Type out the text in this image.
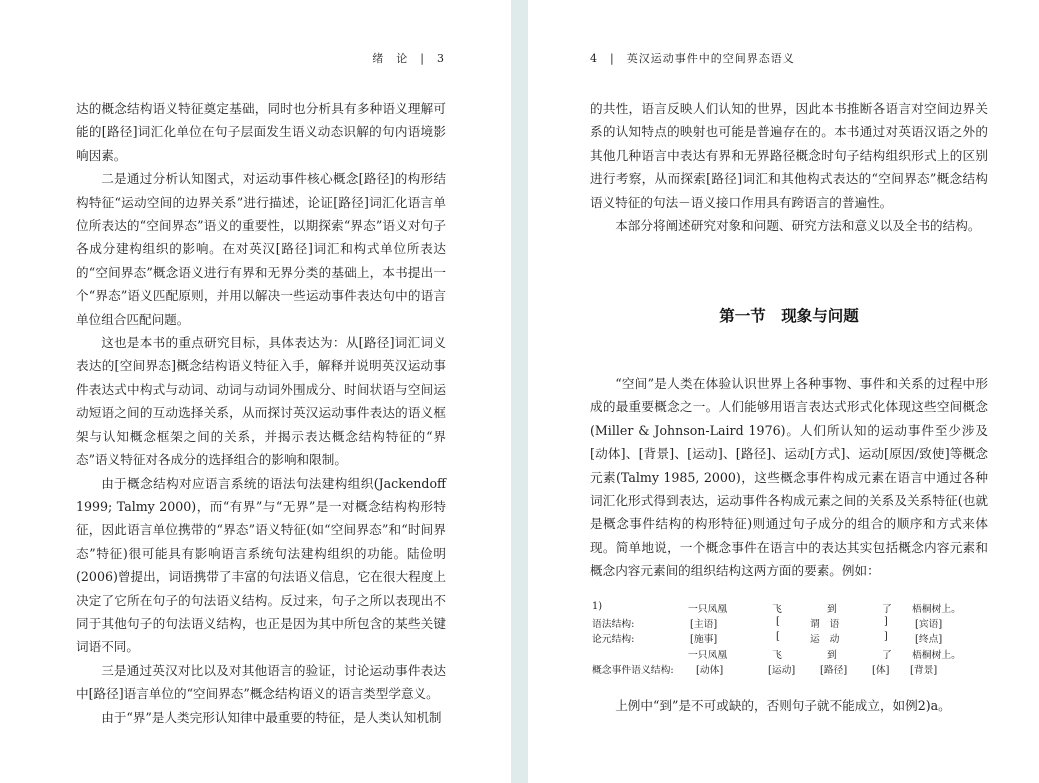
绪　论　|　3

达的概念结构语义特征奠定基础，同时也分析具有多种语义理解可能的[路径]词汇化单位在句子层面发生语义动态识解的句内语境影响因素。

二是通过分析认知图式，对运动事件核心概念[路径]的构形结构特征“运动空间的边界关系”进行描述，论证[路径]词汇化语言单位所表达的“空间界态”语义的重要性，以期探索“界态”语义对句子各成分建构组织的影响。在对英汉[路径]词汇和构式单位所表达的“空间界态”概念语义进行有界和无界分类的基础上，本书提出一个“界态”语义匹配原则，并用以解决一些运动事件表达句中的语言单位组合匹配问题。

这也是本书的重点研究目标，具体表达为：从[路径]词汇词义表达的[空间界态]概念结构语义特征入手，解释并说明英汉运动事件表达式中构式与动词、动词与动词外围成分、时间状语与空间运动短语之间的互动选择关系，从而探讨英汉运动事件表达的语义框架与认知概念框架之间的关系，并揭示表达概念结构特征的“界态”语义特征对各成分的选择组合的影响和限制。

由于概念结构对应语言系统的语法句法建构组织(Jackendoff 1999; Talmy 2000)，而“有界”与“无界”是一对概念结构构形特征，因此语言单位携带的“界态”语义特征(如“空间界态”和“时间界态”特征)很可能具有影响语言系统句法建构组织的功能。陆俭明(2006)曾提出，词语携带了丰富的句法语义信息，它在很大程度上决定了它所在句子的句法语义结构。反过来，句子之所以表现出不同于其他句子的句法语义结构，也正是因为其中所包含的某些关键词语不同。

三是通过英汉对比以及对其他语言的验证，讨论运动事件表达中[路径]语言单位的“空间界态”概念结构语义的语言类型学意义。

由于“界”是人类完形认知律中最重要的特征，是人类认知机制

4　|　英汉运动事件中的空间界态语义

的共性，语言反映人们认知的世界，因此本书推断各语言对空间边界关系的认知特点的映射也可能是普遍存在的。本书通过对英语汉语之外的其他几种语言中表达有界和无界路径概念时句子结构组织形式上的区别进行考察，从而探索[路径]词汇和其他构式表达的“空间界态”概念结构语义特征的句法－语义接口作用具有跨语言的普遍性。

本部分将阐述研究对象和问题、研究方法和意义以及全书的结构。

第一节　现象与问题

“空间”是人类在体验认识世界上各种事物、事件和关系的过程中形成的最重要概念之一。人们能够用语言表达式形式化体现这些空间概念(Miller & Johnson-Laird 1976)。人们所认知的运动事件至少涉及[动体]、[背景]、[运动]、[路径]、运动[方式]、运动[原因/致使]等概念元素(Talmy 1985, 2000)，这些概念事件构成元素在语言中通过各种词汇化形式得到表达，运动事件各构成元素之间的关系及关系特征(也就是概念事件结构的构形特征)则通过句子成分的组合的顺序和方式来体现。简单地说，一个概念事件在语言中的表达其实包括概念内容元素和概念内容元素间的组织结构这两方面的要素。例如：

1)	一只凤凰	飞	到	了 梧桐树上。
语法结构:	[主语]	[	谓　语	]	[宾语]
论元结构:	[施事]	[	运　动	]	[终点]
一只凤凰	飞	到	了 梧桐树上。
概念事件语义结构: [动体]	[运动]	[路径]	[体] [背景]

上例中“到”是不可或缺的，否则句子就不能成立，如例2)a。
